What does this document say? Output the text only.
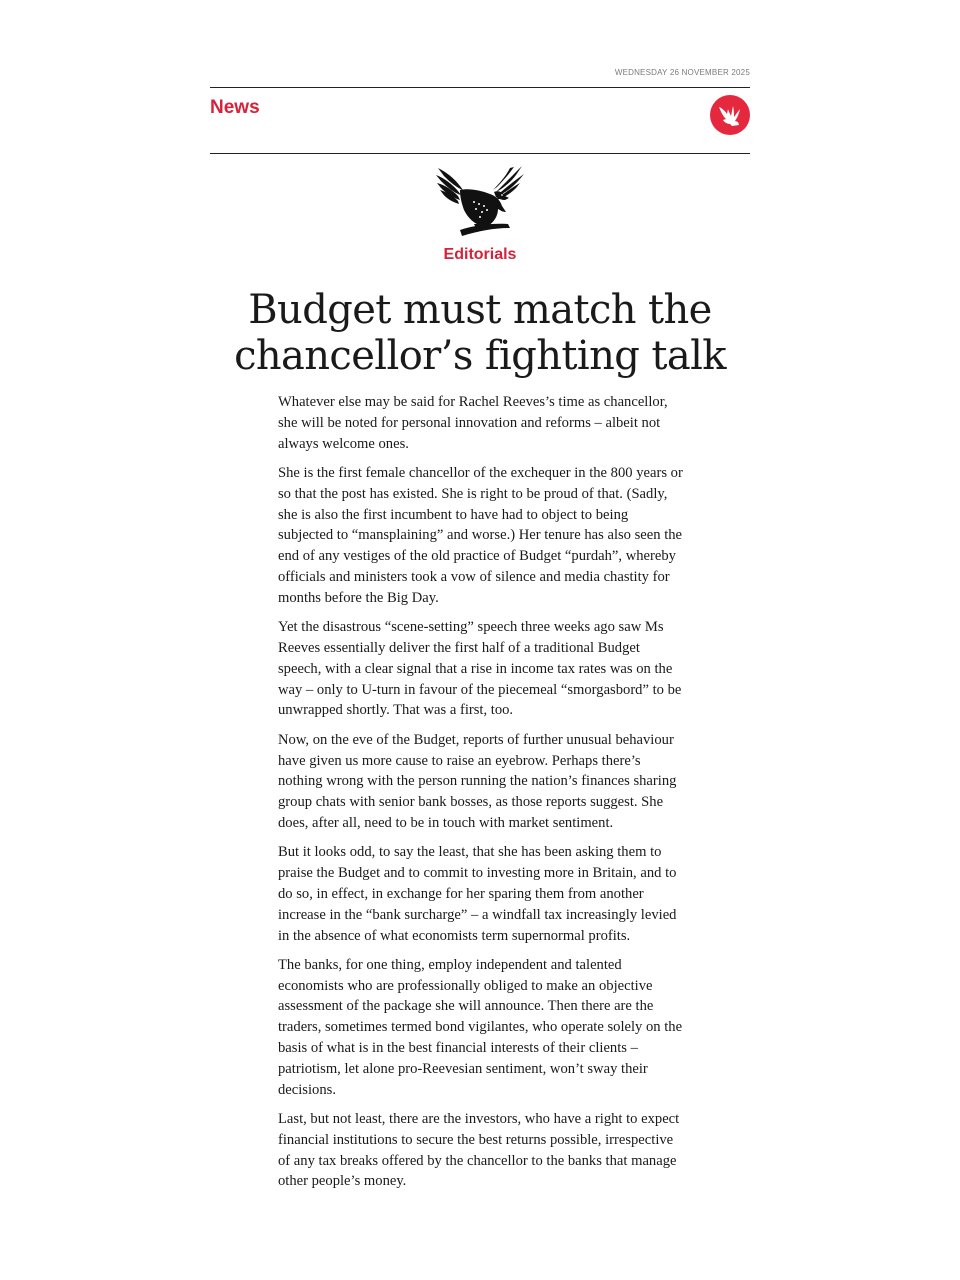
WEDNESDAY 26 NOVEMBER 2025
News
Editorials
Budget must match the
chancellor’s fighting talk

Whatever else may be said for Rachel Reeves’s time as chancellor, she will be noted for personal innovation and reforms – albeit not always welcome ones.

She is the first female chancellor of the exchequer in the 800 years or so that the post has existed. She is right to be proud of that. (Sadly, she is also the first incumbent to have had to object to being subjected to “mansplaining” and worse.) Her tenure has also seen the end of any vestiges of the old practice of Budget “purdah”, whereby officials and ministers took a vow of silence and media chastity for months before the Big Day.

Yet the disastrous “scene-setting” speech three weeks ago saw Ms Reeves essentially deliver the first half of a traditional Budget speech, with a clear signal that a rise in income tax rates was on the way – only to U-turn in favour of the piecemeal “smorgasbord” to be unwrapped shortly. That was a first, too.

Now, on the eve of the Budget, reports of further unusual behaviour have given us more cause to raise an eyebrow. Perhaps there’s nothing wrong with the person running the nation’s finances sharing group chats with senior bank bosses, as those reports suggest. She does, after all, need to be in touch with market sentiment.

But it looks odd, to say the least, that she has been asking them to praise the Budget and to commit to investing more in Britain, and to do so, in effect, in exchange for her sparing them from another increase in the “bank surcharge” – a windfall tax increasingly levied in the absence of what economists term supernormal profits.

The banks, for one thing, employ independent and talented economists who are professionally obliged to make an objective assessment of the package she will announce. Then there are the traders, sometimes termed bond vigilantes, who operate solely on the basis of what is in the best financial interests of their clients – patriotism, let alone pro-Reevesian sentiment, won’t sway their decisions.

Last, but not least, there are the investors, who have a right to expect financial institutions to secure the best returns possible, irrespective of any tax breaks offered by the chancellor to the banks that manage other people’s money.
